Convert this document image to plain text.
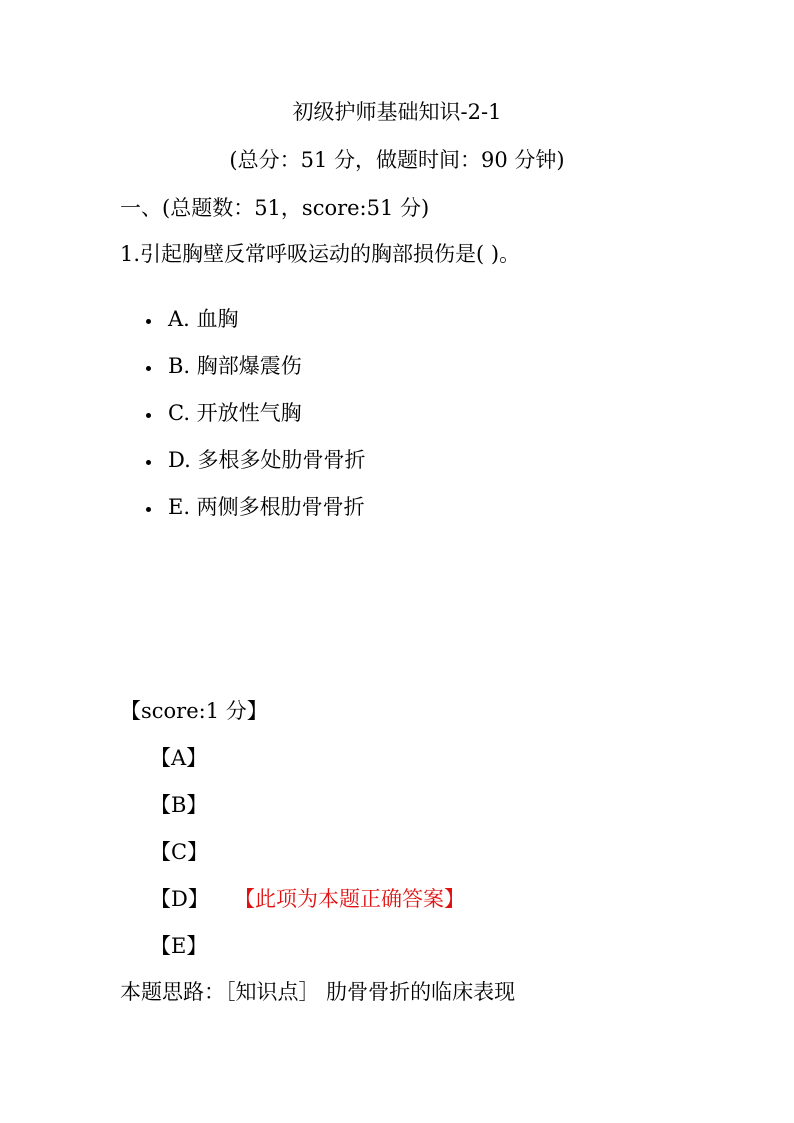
初级护师基础知识-2-1
(总分：51 分，做题时间：90 分钟)
一、(总题数：51，score:51 分)
1.引起胸壁反常呼吸运动的胸部损伤是( )。
A. 血胸
B. 胸部爆震伤
C. 开放性气胸
D. 多根多处肋骨骨折
E. 两侧多根肋骨骨折
【score:1 分】
【A】
【B】
【C】
【D】 【此项为本题正确答案】
【E】
本题思路：［知识点］ 肋骨骨折的临床表现
